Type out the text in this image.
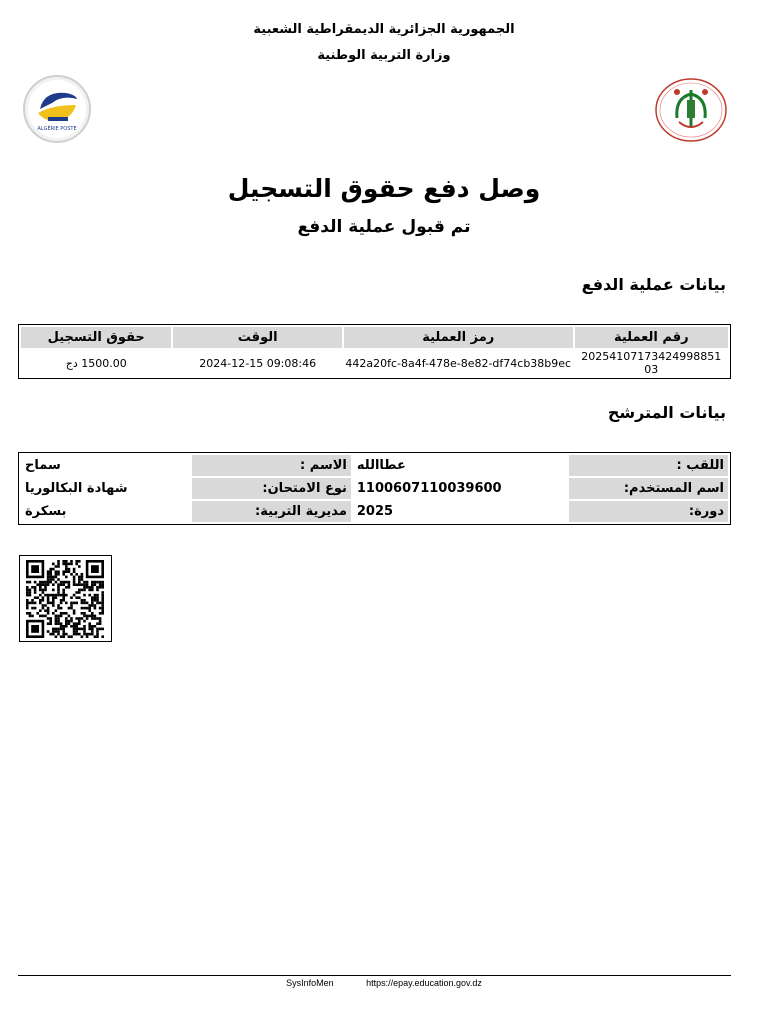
الجمهورية الجزائرية الديمقراطية الشعبية
وزارة التربية الوطنية
ALGÉRIE POSTE
وصل دفع حقوق التسجيل
تم قبول عملية الدفع
بيانات عملية الدفع
رقم العملية	رمز العملية	الوقت	حقوق التسجيل
20254107173424998851​03	442a20fc-8a4f-478e-8e82-df74cb38b9ec	2024-12-15 09:08:46	1500.00 دج
بيانات المترشح
اللقب :	عطاالله	الاسم :	سماح
اسم المستخدم:	1100607110039600	نوع الامتحان:	شهادة البكالوريا
دورة:	2025	مديرية التربية:	بسكرة
SysInfoMen	https://epay.education.gov.dz
